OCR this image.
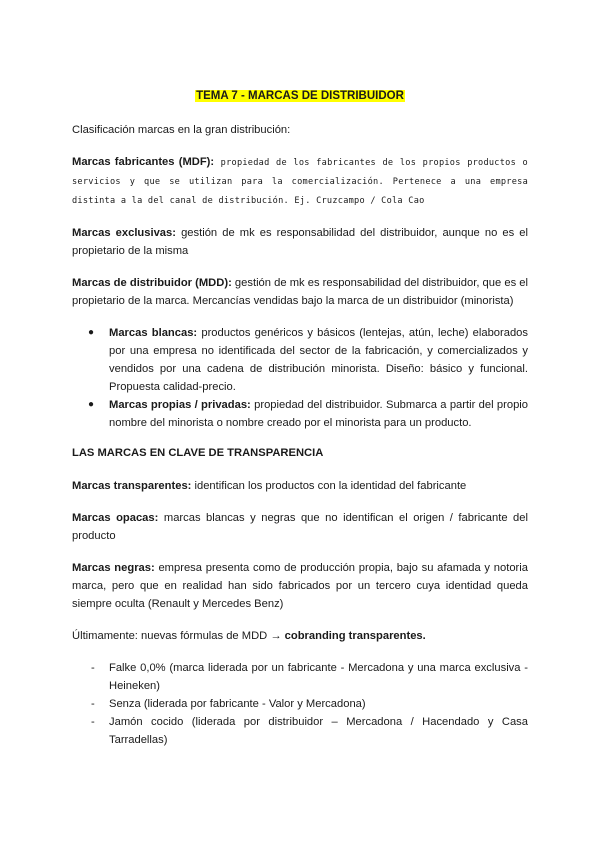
TEMA 7 - MARCAS DE DISTRIBUIDOR

Clasificación marcas en la gran distribución:

Marcas fabricantes (MDF): propiedad de los fabricantes de los propios productos o servicios y que se utilizan para la comercialización. Pertenece a una empresa distinta a la del canal de distribución. Ej. Cruzcampo / Cola Cao

Marcas exclusivas: gestión de mk es responsabilidad del distribuidor, aunque no es el propietario de la misma

Marcas de distribuidor (MDD): gestión de mk es responsabilidad del distribuidor, que es el propietario de la marca. Mercancías vendidas bajo la marca de un distribuidor (minorista)

● Marcas blancas: productos genéricos y básicos (lentejas, atún, leche) elaborados por una empresa no identificada del sector de la fabricación, y comercializados y vendidos por una cadena de distribución minorista. Diseño: básico y funcional. Propuesta calidad-precio.
● Marcas propias / privadas: propiedad del distribuidor. Submarca a partir del propio nombre del minorista o nombre creado por el minorista para un producto.
LAS MARCAS EN CLAVE DE TRANSPARENCIA

Marcas transparentes: identifican los productos con la identidad del fabricante

Marcas opacas: marcas blancas y negras que no identifican el origen / fabricante del producto

Marcas negras: empresa presenta como de producción propia, bajo su afamada y notoria marca, pero que en realidad han sido fabricados por un tercero cuya identidad queda siempre oculta (Renault y Mercedes Benz)

Últimamente: nuevas fórmulas de MDD → cobranding transparentes.

- Falke 0,0% (marca liderada por un fabricante - Mercadona y una marca exclusiva - Heineken)
- Senza (liderada por fabricante - Valor y Mercadona)
- Jamón cocido (liderada por distribuidor – Mercadona / Hacendado y Casa Tarradellas)
